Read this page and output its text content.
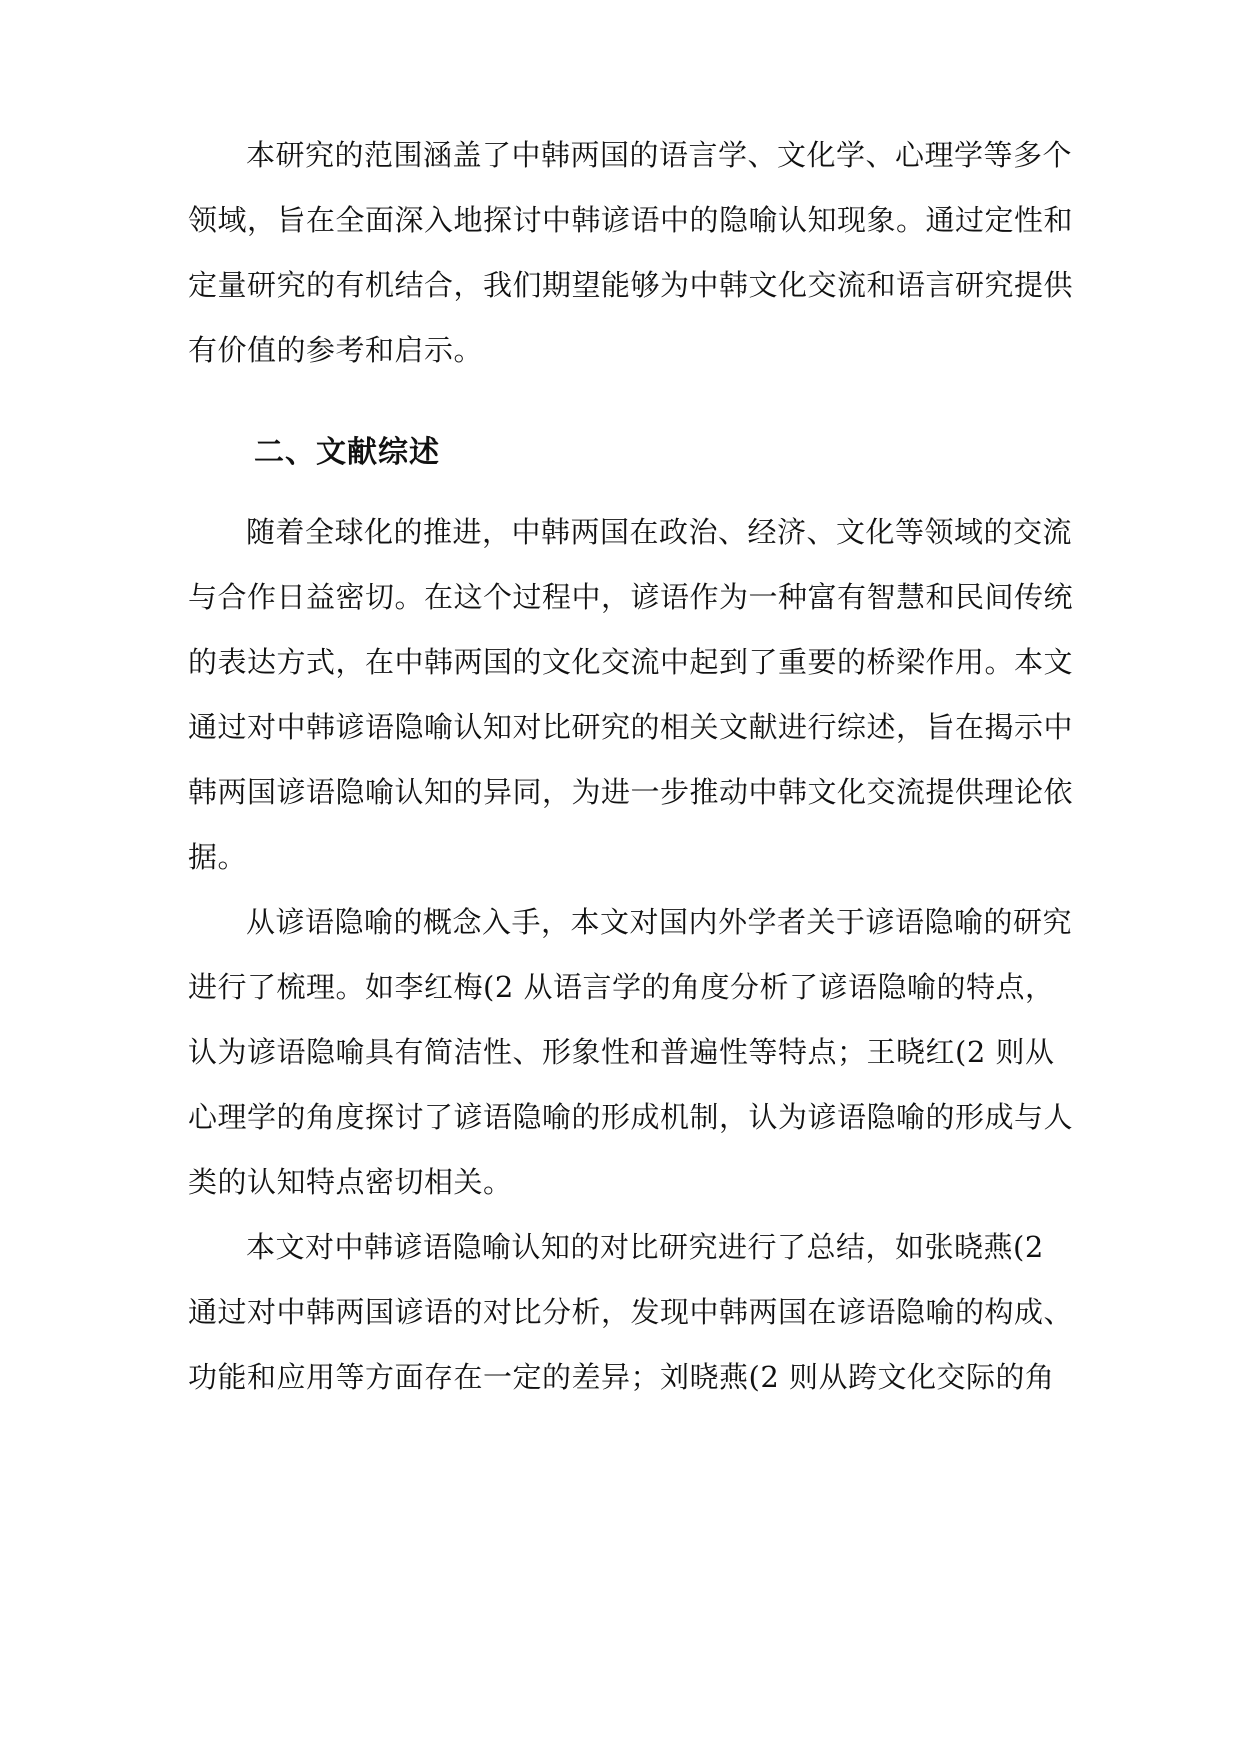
本研究的范围涵盖了中韩两国的语言学、文化学、心理学等多个
领域，旨在全面深入地探讨中韩谚语中的隐喻认知现象。通过定性和
定量研究的有机结合，我们期望能够为中韩文化交流和语言研究提供
有价值的参考和启示。
二、文献综述
随着全球化的推进，中韩两国在政治、经济、文化等领域的交流
与合作日益密切。在这个过程中，谚语作为一种富有智慧和民间传统
的表达方式，在中韩两国的文化交流中起到了重要的桥梁作用。本文
通过对中韩谚语隐喻认知对比研究的相关文献进行综述，旨在揭示中
韩两国谚语隐喻认知的异同，为进一步推动中韩文化交流提供理论依
据。
从谚语隐喻的概念入手，本文对国内外学者关于谚语隐喻的研究
进行了梳理。如李红梅(2 从语言学的角度分析了谚语隐喻的特点，
认为谚语隐喻具有简洁性、形象性和普遍性等特点；王晓红(2 则从
心理学的角度探讨了谚语隐喻的形成机制，认为谚语隐喻的形成与人
类的认知特点密切相关。
本文对中韩谚语隐喻认知的对比研究进行了总结，如张晓燕(2
通过对中韩两国谚语的对比分析，发现中韩两国在谚语隐喻的构成、
功能和应用等方面存在一定的差异；刘晓燕(2 则从跨文化交际的角
